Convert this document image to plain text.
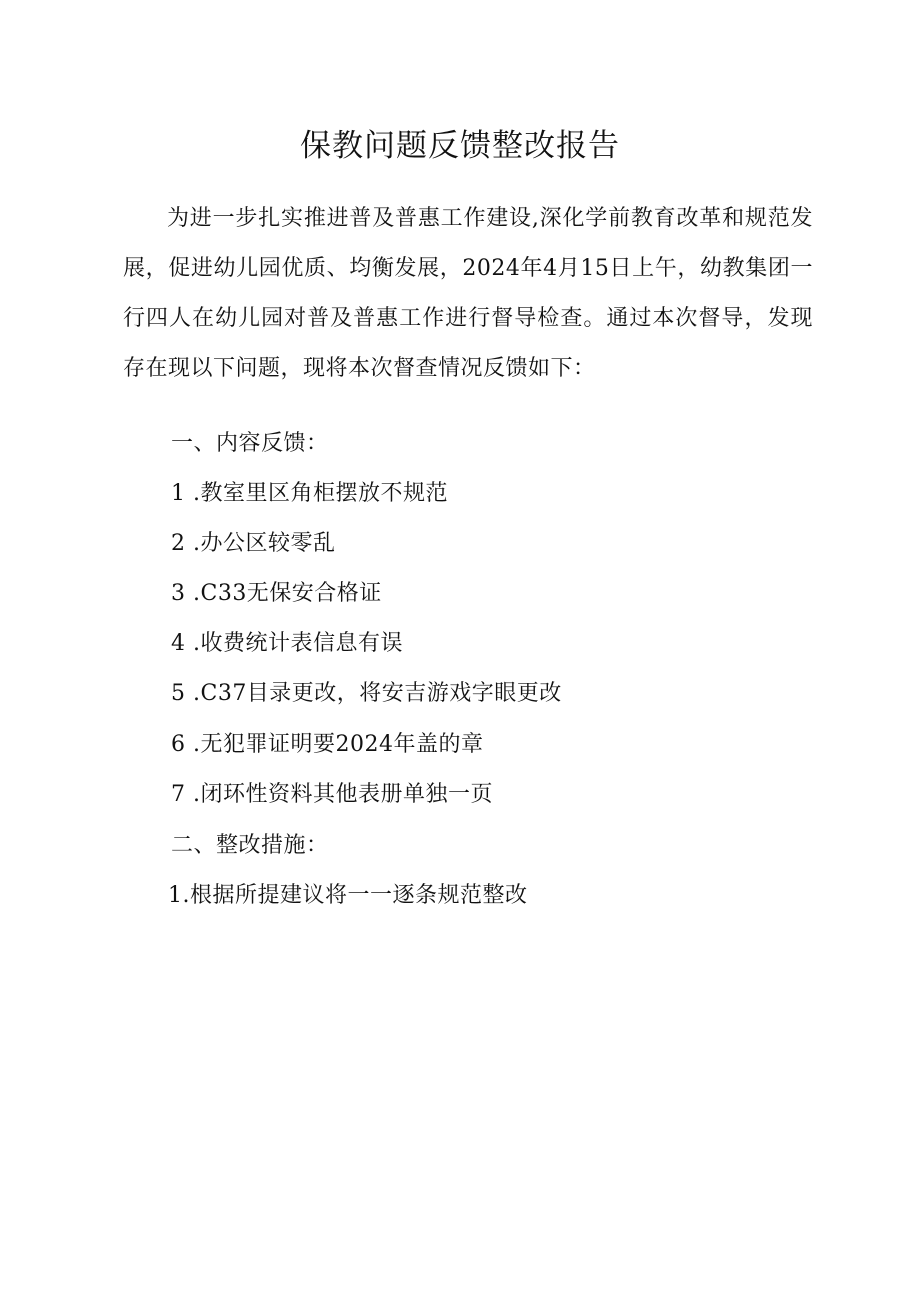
保教问题反馈整改报告
为进一步扎实推进普及普惠工作建设,深化学前教育改革和规范发展，促进幼儿园优质、均衡发展，2024年4月15日上午，幼教集团一行四人在幼儿园对普及普惠工作进行督导检查。通过本次督导，发现存在现以下问题，现将本次督查情况反馈如下：
一、内容反馈：
1 .教室里区角柜摆放不规范
2 .办公区较零乱
3 .C33无保安合格证
4 .收费统计表信息有误
5 .C37目录更改，将安吉游戏字眼更改
6 .无犯罪证明要2024年盖的章
7 .闭环性资料其他表册单独一页
二、整改措施：
1.根据所提建议将一一逐条规范整改
